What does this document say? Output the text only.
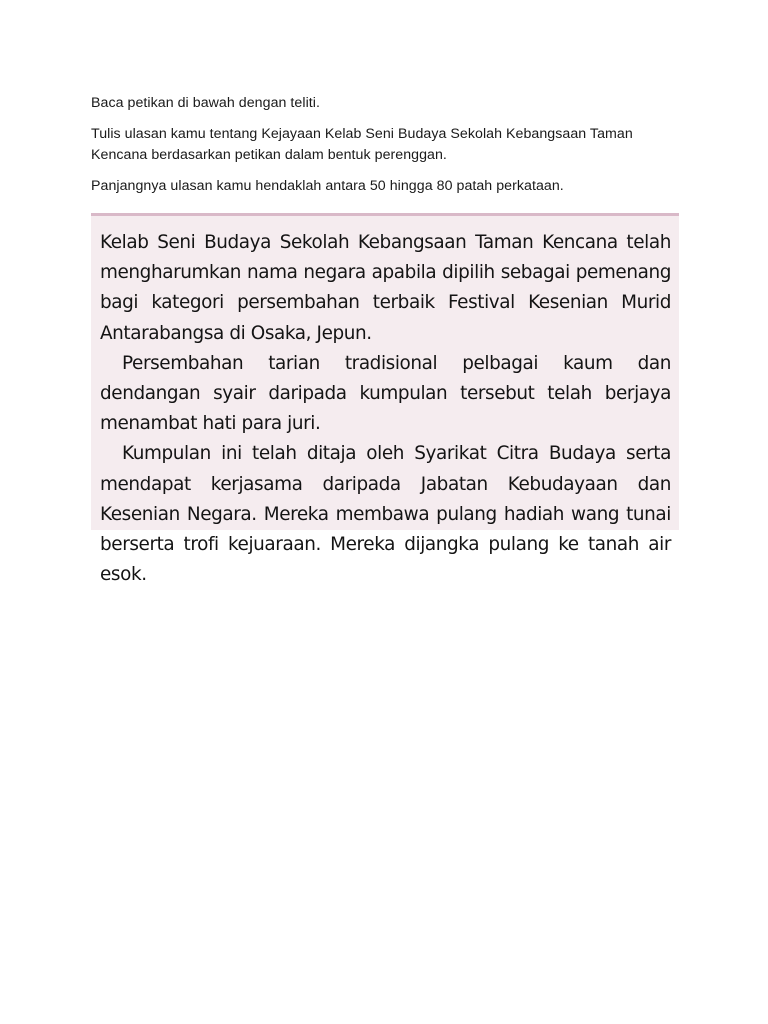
Baca petikan di bawah dengan teliti.

Tulis ulasan kamu tentang Kejayaan Kelab Seni Budaya Sekolah Kebangsaan Taman Kencana berdasarkan petikan dalam bentuk perenggan.

Panjangnya ulasan kamu hendaklah antara 50 hingga 80 patah perkataan.

Kelab Seni Budaya Sekolah Kebangsaan Taman Kencana telah mengharumkan nama negara apabila dipilih sebagai pemenang bagi kategori persembahan terbaik Festival Kesenian Murid Antarabangsa di Osaka, Jepun.

Persembahan tarian tradisional pelbagai kaum dan dendangan syair daripada kumpulan tersebut telah berjaya menambat hati para juri.

Kumpulan ini telah ditaja oleh Syarikat Citra Budaya serta mendapat kerjasama daripada Jabatan Kebudayaan dan Kesenian Negara. Mereka membawa pulang hadiah wang tunai berserta trofi kejuaraan. Mereka dijangka pulang ke tanah air esok.
